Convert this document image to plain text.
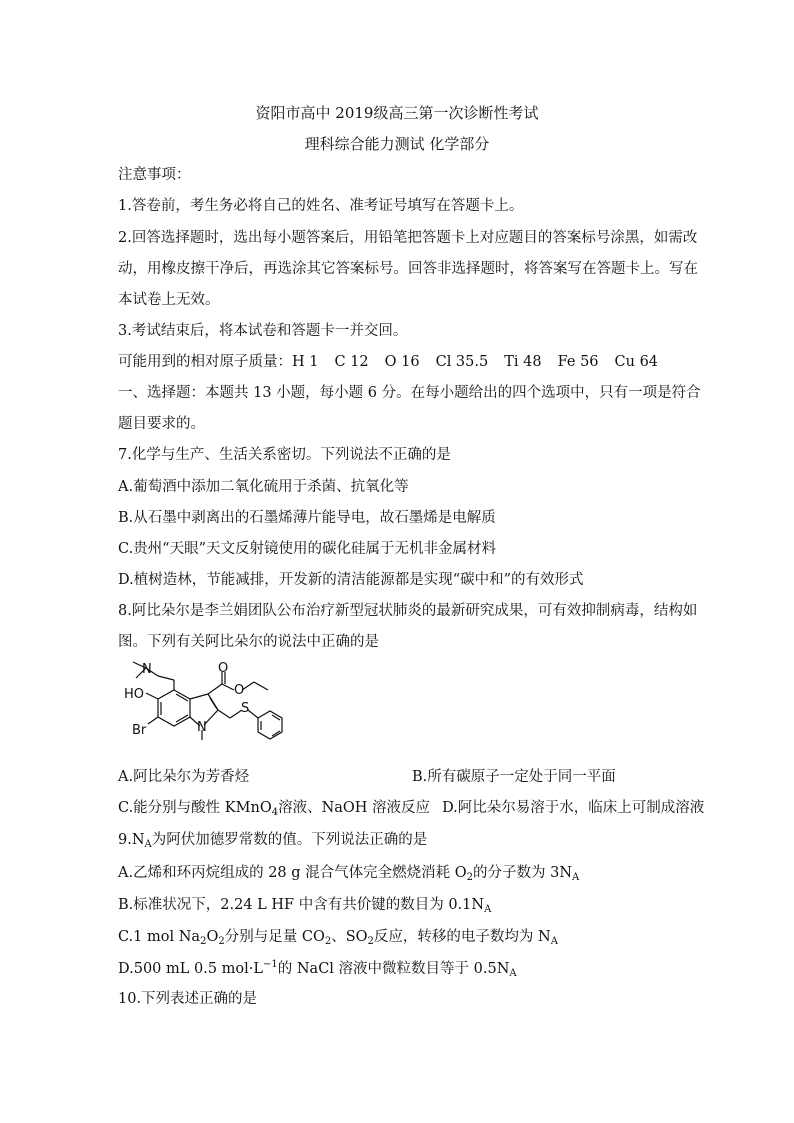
资阳市高中 2019级高三第一次诊断性考试
理科综合能力测试 化学部分
注意事项：
1.答卷前，考生务必将自己的姓名、准考证号填写在答题卡上。
2.回答选择题时，选出每小题答案后，用铅笔把答题卡上对应题目的答案标号涂黑，如需改
动，用橡皮擦干净后，再选涂其它答案标号。回答非选择题时，将答案写在答题卡上。写在
本试卷上无效。
3.考试结束后，将本试卷和答题卡一并交回。
可能用到的相对原子质量：H 1 C 12 O 16 Cl 35.5 Ti 48 Fe 56 Cu 64
一、选择题：本题共 13 小题，每小题 6 分。在每小题给出的四个选项中，只有一项是符合
题目要求的。
7.化学与生产、生活关系密切。下列说法不正确的是
A.葡萄酒中添加二氧化硫用于杀菌、抗氧化等
B.从石墨中剥离出的石墨烯薄片能导电，故石墨烯是电解质
C.贵州“天眼”天文反射镜使用的碳化硅属于无机非金属材料
D.植树造林，节能减排，开发新的清洁能源都是实现“碳中和”的有效形式
8.阿比朵尔是李兰娟团队公布治疗新型冠状肺炎的最新研究成果，可有效抑制病毒，结构如
图。下列有关阿比朵尔的说法中正确的是
N
HO
O
O
Br	N
S
A.阿比朵尔为芳香烃	B.所有碳原子一定处于同一平面
C.能分别与酸性 KMnO$_4$溶液、NaOH 溶液反应 D.阿比朵尔易溶于水，临床上可制成溶液
$9.N_A$为阿伏加德罗常数的值。下列说法正确的是
A.乙烯和环丙烷组成的 28 g 混合气体完全燃烧消耗 $O_2$的分子数为 $3N_A$
B.标准状况下，2.24 L HF 中含有共价键的数目为 $0.1N_A$
C.1 mol $Na_2O_2$分别与足量 $CO_2$、$SO_2$反应，转移的电子数均为 $N_A$
D.500 mL 0.5 $mol\cdot L^{-1}$的 NaCl 溶液中微粒数目等于 $0.5N_A$
10.下列表述正确的是
